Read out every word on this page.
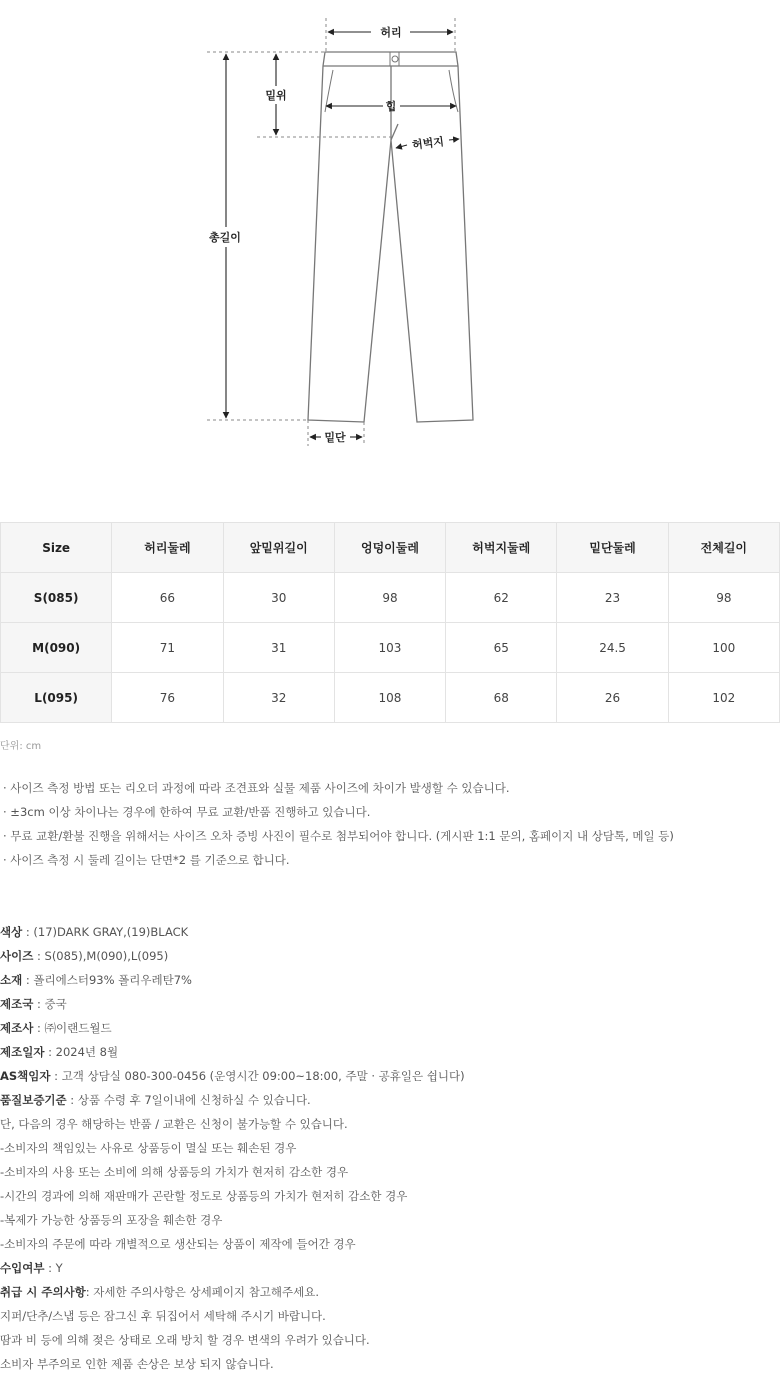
허리
밑위
힙
허벅지
총길이
밑단
Size	허리둘레	앞밑위길이	엉덩이둘레	허벅지둘레	밑단둘레	전체길이
S(085)	66	30	98	62	23	98
M(090)	71	31	103	65	24.5	100
L(095)	76	32	108	68	26	102
단위: cm
· 사이즈 측정 방법 또는 리오더 과정에 따라 조견표와 실물 제품 사이즈에 차이가 발생할 수 있습니다.
· ±3cm 이상 차이나는 경우에 한하여 무료 교환/반품 진행하고 있습니다.
· 무료 교환/환불 진행을 위해서는 사이즈 오차 증빙 사진이 필수로 첨부되어야 합니다. (게시판 1:1 문의, 홈페이지 내 상담톡, 메일 등)
· 사이즈 측정 시 둘레 길이는 단면*2 를 기준으로 합니다.
색상 : (17)DARK GRAY,(19)BLACK
사이즈 : S(085),M(090),L(095)
소재 : 폴리에스터93% 폴리우레탄7%
제조국 : 중국
제조사 : ㈜이랜드월드
제조일자 : 2024년 8월
AS책임자 : 고객 상담실 080-300-0456 (운영시간 09:00~18:00, 주말 · 공휴일은 쉽니다)
품질보증기준 : 상품 수령 후 7일이내에 신청하실 수 있습니다.
단, 다음의 경우 해당하는 반품 / 교환은 신청이 불가능할 수 있습니다.
-소비자의 책임있는 사유로 상품등이 멸실 또는 훼손된 경우
-소비자의 사용 또는 소비에 의해 상품등의 가치가 현저히 감소한 경우
-시간의 경과에 의해 재판매가 곤란할 정도로 상품등의 가치가 현저히 감소한 경우
-복제가 가능한 상품등의 포장을 훼손한 경우
-소비자의 주문에 따라 개별적으로 생산되는 상품이 제작에 들어간 경우
수입여부 : Y
취급 시 주의사항: 자세한 주의사항은 상세페이지 참고해주세요.
지퍼/단추/스냅 등은 잠그신 후 뒤집어서 세탁해 주시기 바랍니다.
땀과 비 등에 의해 젖은 상태로 오래 방치 할 경우 변색의 우려가 있습니다.
소비자 부주의로 인한 제품 손상은 보상 되지 않습니다.
